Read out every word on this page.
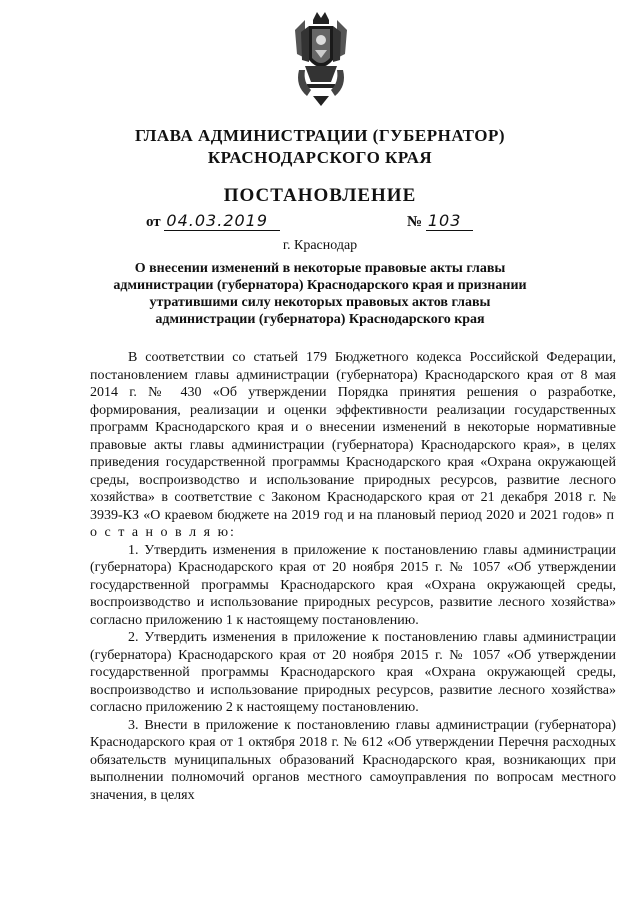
ГЛАВА АДМИНИСТРАЦИИ (ГУБЕРНАТОР)
КРАСНОДАРСКОГО КРАЯ
ПОСТАНОВЛЕНИЕ
от 04.03.2019	№ 103
г. Краснодар
О внесении изменений в некоторые правовые акты главы администрации (губернатора) Краснодарского края и признании утратившими силу некоторых правовых актов главы администрации (губернатора) Краснодарского края

В соответствии со статьей 179 Бюджетного кодекса Российской Федерации, постановлением главы администрации (губернатора) Краснодарского края от 8 мая 2014 г. № 430 «Об утверждении Порядка принятия решения о разработке, формирования, реализации и оценки эффективности реализации государственных программ Краснодарского края и о внесении изменений в некоторые нормативные правовые акты главы администрации (губернатора) Краснодарского края», в целях приведения государственной программы Краснодарского края «Охрана окружающей среды, воспроизводство и использование природных ресурсов, развитие лесного хозяйства» в соответствие с Законом Краснодарского края от 21 декабря 2018 г. № 3939-КЗ «О краевом бюджете на 2019 год и на плановый период 2020 и 2021 годов» п о с т а н о в л я ю:

1. Утвердить изменения в приложение к постановлению главы администрации (губернатора) Краснодарского края от 20 ноября 2015 г. № 1057 «Об утверждении государственной программы Краснодарского края «Охрана окружающей среды, воспроизводство и использование природных ресурсов, развитие лесного хозяйства» согласно приложению 1 к настоящему постановлению.

2. Утвердить изменения в приложение к постановлению главы администрации (губернатора) Краснодарского края от 20 ноября 2015 г. № 1057 «Об утверждении государственной программы Краснодарского края «Охрана окружающей среды, воспроизводство и использование природных ресурсов, развитие лесного хозяйства» согласно приложению 2 к настоящему постановлению.

3. Внести в приложение к постановлению главы администрации (губернатора) Краснодарского края от 1 октября 2018 г. № 612 «Об утверждении Перечня расходных обязательств муниципальных образований Краснодарского края, возникающих при выполнении полномочий органов местного самоуправления по вопросам местного значения, в целях
